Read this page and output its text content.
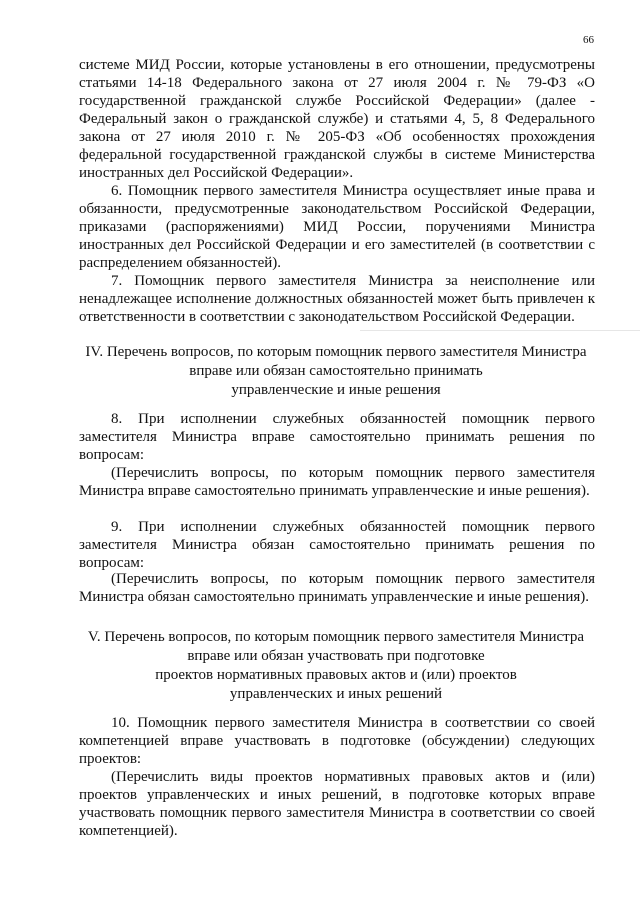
66

системе МИД России, которые установлены в его отношении, предусмотрены статьями 14-18 Федерального закона от 27 июля 2004 г. № 79-ФЗ «О государственной гражданской службе Российской Федерации» (далее - Федеральный закон о гражданской службе) и статьями 4, 5, 8 Федерального закона от 27 июля 2010 г. № 205-ФЗ «Об особенностях прохождения федеральной государственной гражданской службы в системе Министерства иностранных дел Российской Федерации».

6. Помощник первого заместителя Министра осуществляет иные права и обязанности, предусмотренные законодательством Российской Федерации, приказами (распоряжениями) МИД России, поручениями Министра иностранных дел Российской Федерации и его заместителей (в соответствии с распределением обязанностей).

7. Помощник первого заместителя Министра за неисполнение или ненадлежащее исполнение должностных обязанностей может быть привлечен к ответственности в соответствии с законодательством Российской Федерации.

IV. Перечень вопросов, по которым помощник первого заместителя Министра
вправе или обязан самостоятельно принимать
управленческие и иные решения

8. При исполнении служебных обязанностей помощник первого заместителя Министра вправе самостоятельно принимать решения по вопросам:

(Перечислить вопросы, по которым помощник первого заместителя Министра вправе самостоятельно принимать управленческие и иные решения).

9. При исполнении служебных обязанностей помощник первого заместителя Министра обязан самостоятельно принимать решения по вопросам:

(Перечислить вопросы, по которым помощник первого заместителя Министра обязан самостоятельно принимать управленческие и иные решения).

V. Перечень вопросов, по которым помощник первого заместителя Министра
вправе или обязан участвовать при подготовке
проектов нормативных правовых актов и (или) проектов
управленческих и иных решений

10. Помощник первого заместителя Министра в соответствии со своей компетенцией вправе участвовать в подготовке (обсуждении) следующих проектов:

(Перечислить виды проектов нормативных правовых актов и (или) проектов управленческих и иных решений, в подготовке которых вправе участвовать помощник первого заместителя Министра в соответствии со своей компетенцией).
